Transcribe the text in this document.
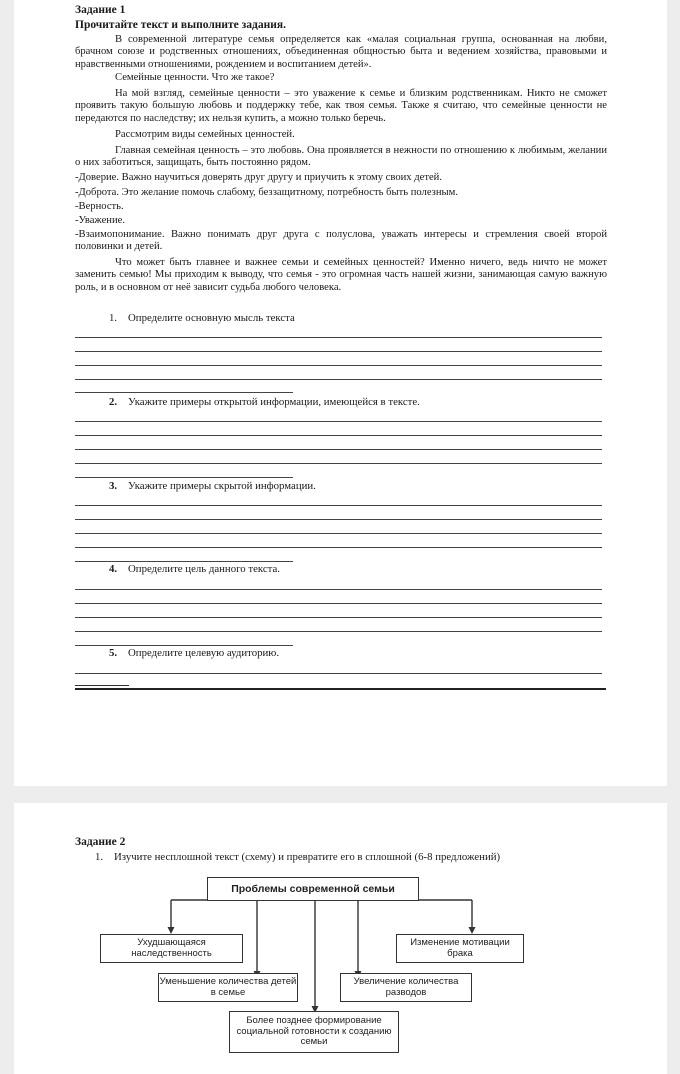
Задание 1
Прочитайте текст и выполните задания.

В современной литературе семья определяется как «малая социальная группа, основанная на любви, брачном союзе и родственных отношениях, объединенная общностью быта и ведением хозяйства, правовыми и нравственными отношениями, рождением и воспитанием детей».

Семейные ценности. Что же такое?

На мой взгляд, семейные ценности – это уважение к семье и близким родственникам. Никто не сможет проявить такую большую любовь и поддержку тебе, как твоя семья. Также я считаю, что семейные ценности не передаются по наследству; их нельзя купить, а можно только беречь.

Рассмотрим виды семейных ценностей.

Главная семейная ценность – это любовь. Она проявляется в нежности по отношению к любимым, желании о них заботиться, защищать, быть постоянно рядом.

-Доверие. Важно научиться доверять друг другу и приучить к этому своих детей.

-Доброта. Это желание помочь слабому, беззащитному, потребность быть полезным.

-Верность.

-Уважение.

-Взаимопонимание. Важно понимать друг друга с полуслова, уважать интересы и стремления своей второй половинки и детей.

Что может быть главнее и важнее семьи и семейных ценностей? Именно ничего, ведь ничто не может заменить семью! Мы приходим к выводу, что семья - это огромная часть нашей жизни, занимающая самую важную роль, и в основном от неё зависит судьба любого человека.

1. Определите основную мысль текста
2. Укажите примеры открытой информации, имеющейся в тексте.
3. Укажите примеры скрытой информации.
4. Определите цель данного текста.
5. Определите целевую аудиторию.
Задание 2
1. Изучите несплошной текст (схему) и превратите его в сплошной (6-8 предложений)
Проблемы современной семьи
Ухудшающаяся наследственность
Уменьшение количества детей в семье
Более позднее формирование социальной готовности к созданию семьи
Увеличение количества разводов
Изменение мотивации брака
